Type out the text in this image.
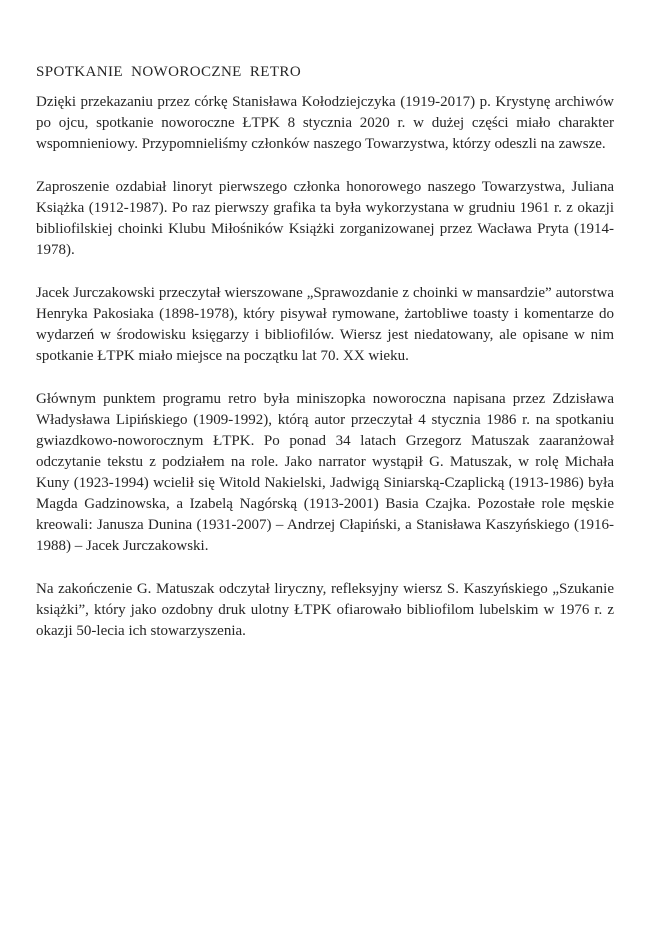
SPOTKANIE NOWOROCZNE RETRO

Dzięki przekazaniu przez córkę Stanisława Kołodziejczyka (1919-2017) p. Krystynę archiwów po ojcu, spotkanie noworoczne ŁTPK 8 stycznia 2020 r. w dużej części miało charakter wspomnieniowy. Przypomnieliśmy członków naszego Towarzystwa, którzy odeszli na zawsze.

Zaproszenie ozdabiał linoryt pierwszego członka honorowego naszego Towarzystwa, Juliana Książka (1912-1987). Po raz pierwszy grafika ta była wykorzystana w grudniu 1961 r. z okazji bibliofilskiej choinki Klubu Miłośników Książki zorganizowanej przez Wacława Pryta (1914-1978).

Jacek Jurczakowski przeczytał wierszowane „Sprawozdanie z choinki w mansardzie” autorstwa Henryka Pakosiaka (1898-1978), który pisywał rymowane, żartobliwe toasty i komentarze do wydarzeń w środowisku księgarzy i bibliofilów. Wiersz jest niedatowany, ale opisane w nim spotkanie ŁTPK miało miejsce na początku lat 70. XX wieku.

Głównym punktem programu retro była miniszopka noworoczna napisana przez Zdzisława Władysława Lipińskiego (1909-1992), którą autor przeczytał 4 stycznia 1986 r. na spotkaniu gwiazdkowo-noworocznym ŁTPK. Po ponad 34 latach Grzegorz Matuszak zaaranżował odczytanie tekstu z podziałem na role. Jako narrator wystąpił G. Matuszak, w rolę Michała Kuny (1923-1994) wcielił się Witold Nakielski, Jadwigą Siniarską-Czaplicką (1913-1986) była Magda Gadzinowska, a Izabelą Nagórską (1913-2001) Basia Czajka. Pozostałe role męskie kreowali: Janusza Dunina (1931-2007) – Andrzej Cłapiński, a Stanisława Kaszyńskiego (1916-1988) – Jacek Jurczakowski.

Na zakończenie G. Matuszak odczytał liryczny, refleksyjny wiersz S. Kaszyńskiego „Szukanie książki”, który jako ozdobny druk ulotny ŁTPK ofiarowało bibliofilom lubelskim w 1976 r. z okazji 50-lecia ich stowarzyszenia.
